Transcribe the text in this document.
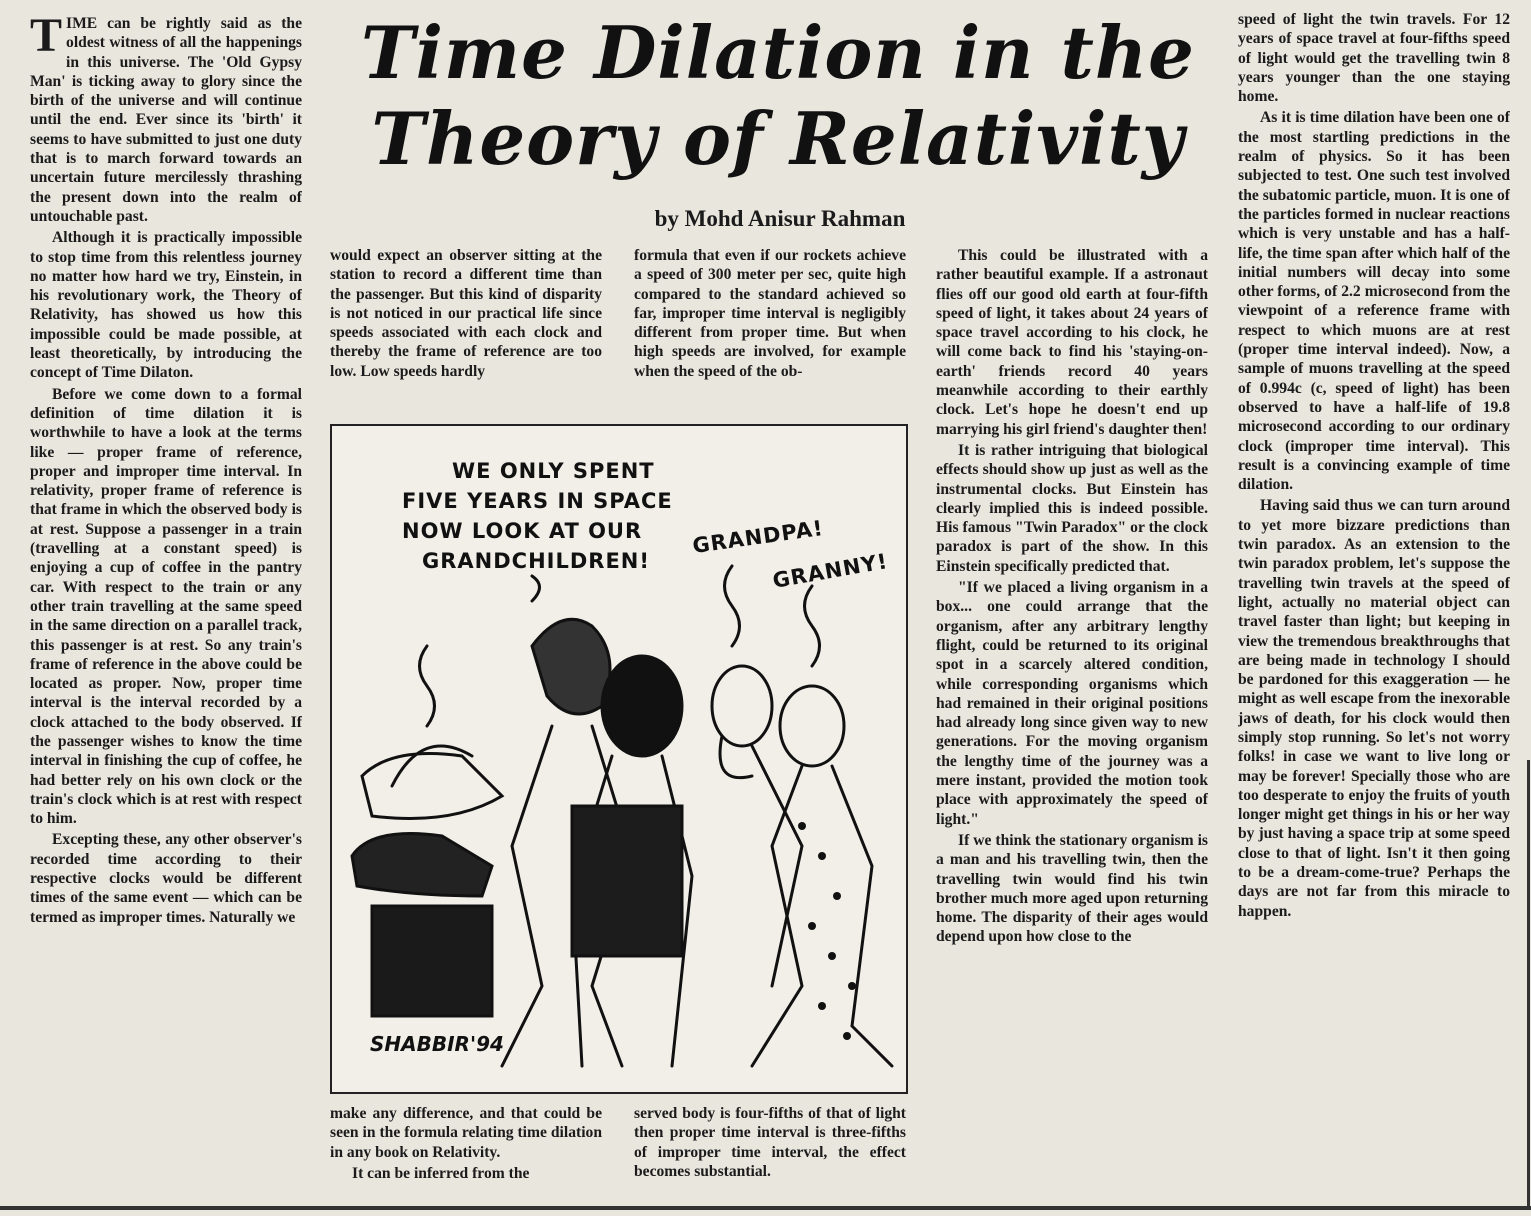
Time Dilation in the Theory of Relativity
by Mohd Anisur Rahman

TIME can be rightly said as the oldest witness of all the happenings in this universe. The 'Old Gypsy Man' is ticking away to glory since the birth of the universe and will continue until the end. Ever since its 'birth' it seems to have submitted to just one duty that is to march forward towards an uncertain future mercilessly thrashing the present down into the realm of untouchable past.

Although it is practically impossible to stop time from this relentless journey no matter how hard we try, Einstein, in his revolutionary work, the Theory of Relativity, has showed us how this impossible could be made possible, at least theoretically, by introducing the concept of Time Dilaton.

Before we come down to a formal definition of time dilation it is worthwhile to have a look at the terms like — proper frame of reference, proper and improper time interval. In relativity, proper frame of reference is that frame in which the observed body is at rest. Suppose a passenger in a train (travelling at a constant speed) is enjoying a cup of coffee in the pantry car. With respect to the train or any other train travelling at the same speed in the same direction on a parallel track, this passenger is at rest. So any train's frame of reference in the above could be located as proper. Now, proper time interval is the interval recorded by a clock attached to the body observed. If the passenger wishes to know the time interval in finishing the cup of coffee, he had better rely on his own clock or the train's clock which is at rest with respect to him.

Excepting these, any other observer's recorded time according to their respective clocks would be different times of the same event — which can be termed as improper times. Naturally we

would expect an observer sitting at the station to record a different time than the passenger. But this kind of disparity is not noticed in our practical life since speeds associated with each clock and thereby the frame of reference are too low. Low speeds hardly

formula that even if our rockets achieve a speed of 300 meter per sec, quite high compared to the standard achieved so far, improper time interval is negligibly different from proper time. But when high speeds are involved, for example when the speed of the ob-

WE ONLY SPENT
FIVE YEARS IN SPACE
NOW LOOK AT OUR
GRANDCHILDREN!
GRANDPA!
GRANNY!
SHABBIR'94

make any difference, and that could be seen in the formula relating time dilation in any book on Relativity.

It can be inferred from the

served body is four-fifths of that of light then proper time interval is three-fifths of improper time interval, the effect becomes substantial.

This could be illustrated with a rather beautiful example. If a astronaut flies off our good old earth at four-fifth speed of light, it takes about 24 years of space travel according to his clock, he will come back to find his 'staying-on-earth' friends record 40 years meanwhile according to their earthly clock. Let's hope he doesn't end up marrying his girl friend's daughter then!

It is rather intriguing that biological effects should show up just as well as the instrumental clocks. But Einstein has clearly implied this is indeed possible. His famous "Twin Paradox" or the clock paradox is part of the show. In this Einstein specifically predicted that.

"If we placed a living organism in a box... one could arrange that the organism, after any arbitrary lengthy flight, could be returned to its original spot in a scarcely altered condition, while corresponding organisms which had remained in their original positions had already long since given way to new generations. For the moving organism the lengthy time of the journey was a mere instant, provided the motion took place with approximately the speed of light."

If we think the stationary organism is a man and his travelling twin, then the travelling twin would find his twin brother much more aged upon returning home. The disparity of their ages would depend upon how close to the

speed of light the twin travels. For 12 years of space travel at four-fifths speed of light would get the travelling twin 8 years younger than the one staying home.

As it is time dilation have been one of the most startling predictions in the realm of physics. So it has been subjected to test. One such test involved the subatomic particle, muon. It is one of the particles formed in nuclear reactions which is very unstable and has a half-life, the time span after which half of the initial numbers will decay into some other forms, of 2.2 microsecond from the viewpoint of a reference frame with respect to which muons are at rest (proper time interval indeed). Now, a sample of muons travelling at the speed of 0.994c (c, speed of light) has been observed to have a half-life of 19.8 microsecond according to our ordinary clock (improper time interval). This result is a convincing example of time dilation.

Having said thus we can turn around to yet more bizzare predictions than twin paradox. As an extension to the twin paradox problem, let's suppose the travelling twin travels at the speed of light, actually no material object can travel faster than light; but keeping in view the tremendous breakthroughs that are being made in technology I should be pardoned for this exaggeration — he might as well escape from the inexorable jaws of death, for his clock would then simply stop running. So let's not worry folks! in case we want to live long or may be forever! Specially those who are too desperate to enjoy the fruits of youth longer might get things in his or her way by just having a space trip at some speed close to that of light. Isn't it then going to be a dream-come-true? Perhaps the days are not far from this miracle to happen.
